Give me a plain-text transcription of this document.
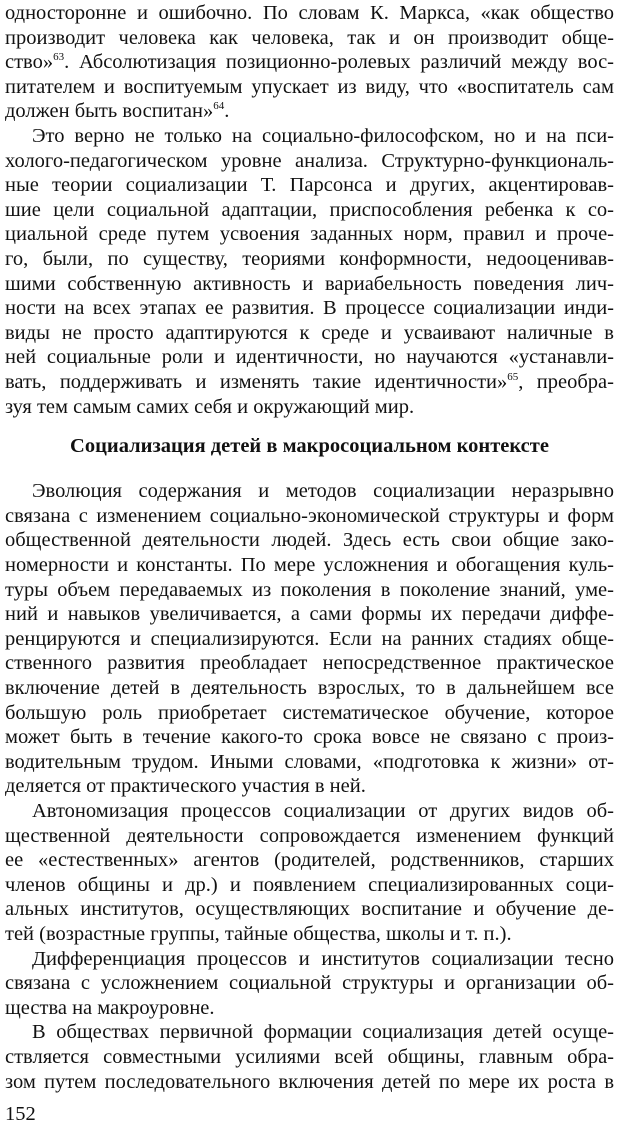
односторонне и ошибочно. По словам К. Маркса, «как общество
производит человека как человека, так и он производит обще-
ство»$^{63}$. Абсолютизация позиционно-ролевых различий между вос-
питателем и воспитуемым упускает из виду, что «воспитатель сам
должен быть воспитан»$^{64}$.
Это верно не только на социально-философском, но и на пси-
холого-педагогическом уровне анализа. Структурно-функциональ-
ные теории социализации Т. Парсонса и других, акцентировав-
шие цели социальной адаптации, приспособления ребенка к со-
циальной среде путем усвоения заданных норм, правил и проче-
го, были, по существу, теориями конформности, недооценивав-
шими собственную активность и вариабельность поведения лич-
ности на всех этапах ее развития. В процессе социализации инди-
виды не просто адаптируются к среде и усваивают наличные в
ней социальные роли и идентичности, но научаются «устанавли-
вать, поддерживать и изменять такие идентичности»$^{65}$, преобра-
зуя тем самым самих себя и окружающий мир.
Социализация детей в макросоциальном контексте
Эволюция содержания и методов социализации неразрывно
связана с изменением социально-экономической структуры и форм
общественной деятельности людей. Здесь есть свои общие зако-
номерности и константы. По мере усложнения и обогащения куль-
туры объем передаваемых из поколения в поколение знаний, уме-
ний и навыков увеличивается, а сами формы их передачи диффе-
ренцируются и специализируются. Если на ранних стадиях обще-
ственного развития преобладает непосредственное практическое
включение детей в деятельность взрослых, то в дальнейшем все
большую роль приобретает систематическое обучение, которое
может быть в течение какого-то срока вовсе не связано с произ-
водительным трудом. Иными словами, «подготовка к жизни» от-
деляется от практического участия в ней.
Автономизация процессов социализации от других видов об-
щественной деятельности сопровождается изменением функций
ее «естественных» агентов (родителей, родственников, старших
членов общины и др.) и появлением специализированных соци-
альных институтов, осуществляющих воспитание и обучение де-
тей (возрастные группы, тайные общества, школы и т. п.).
Дифференциация процессов и институтов социализации тесно
связана с усложнением социальной структуры и организации об-
щества на макроуровне.
В обществах первичной формации социализация детей осуще-
ствляется совместными усилиями всей общины, главным обра-
зом путем последовательного включения детей по мере их роста в
152
